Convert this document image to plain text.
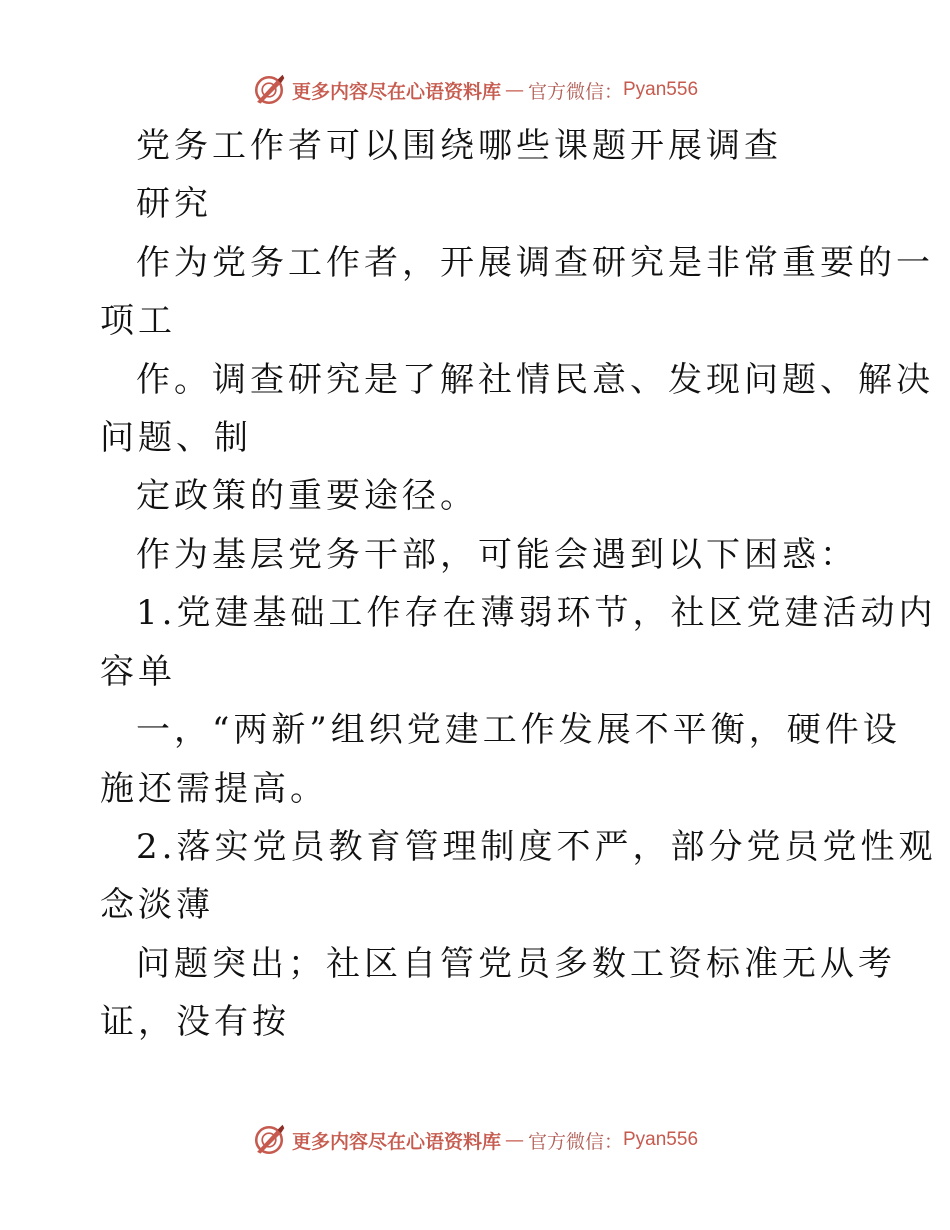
更多内容尽在心语资料库 — 官方微信： Pyan556
党务工作者可以围绕哪些课题开展调查
研究
作为党务工作者，开展调查研究是非常重要的一
项工
作。调查研究是了解社情民意、发现问题、解决
问题、制
定政策的重要途径。
作为基层党务干部，可能会遇到以下困惑：
1.党建基础工作存在薄弱环节，社区党建活动内
容单
一，“两新”组织党建工作发展不平衡，硬件设
施还需提高。
2.落实党员教育管理制度不严，部分党员党性观
念淡薄
问题突出；社区自管党员多数工资标准无从考
证，没有按
更多内容尽在心语资料库 — 官方微信： Pyan556
